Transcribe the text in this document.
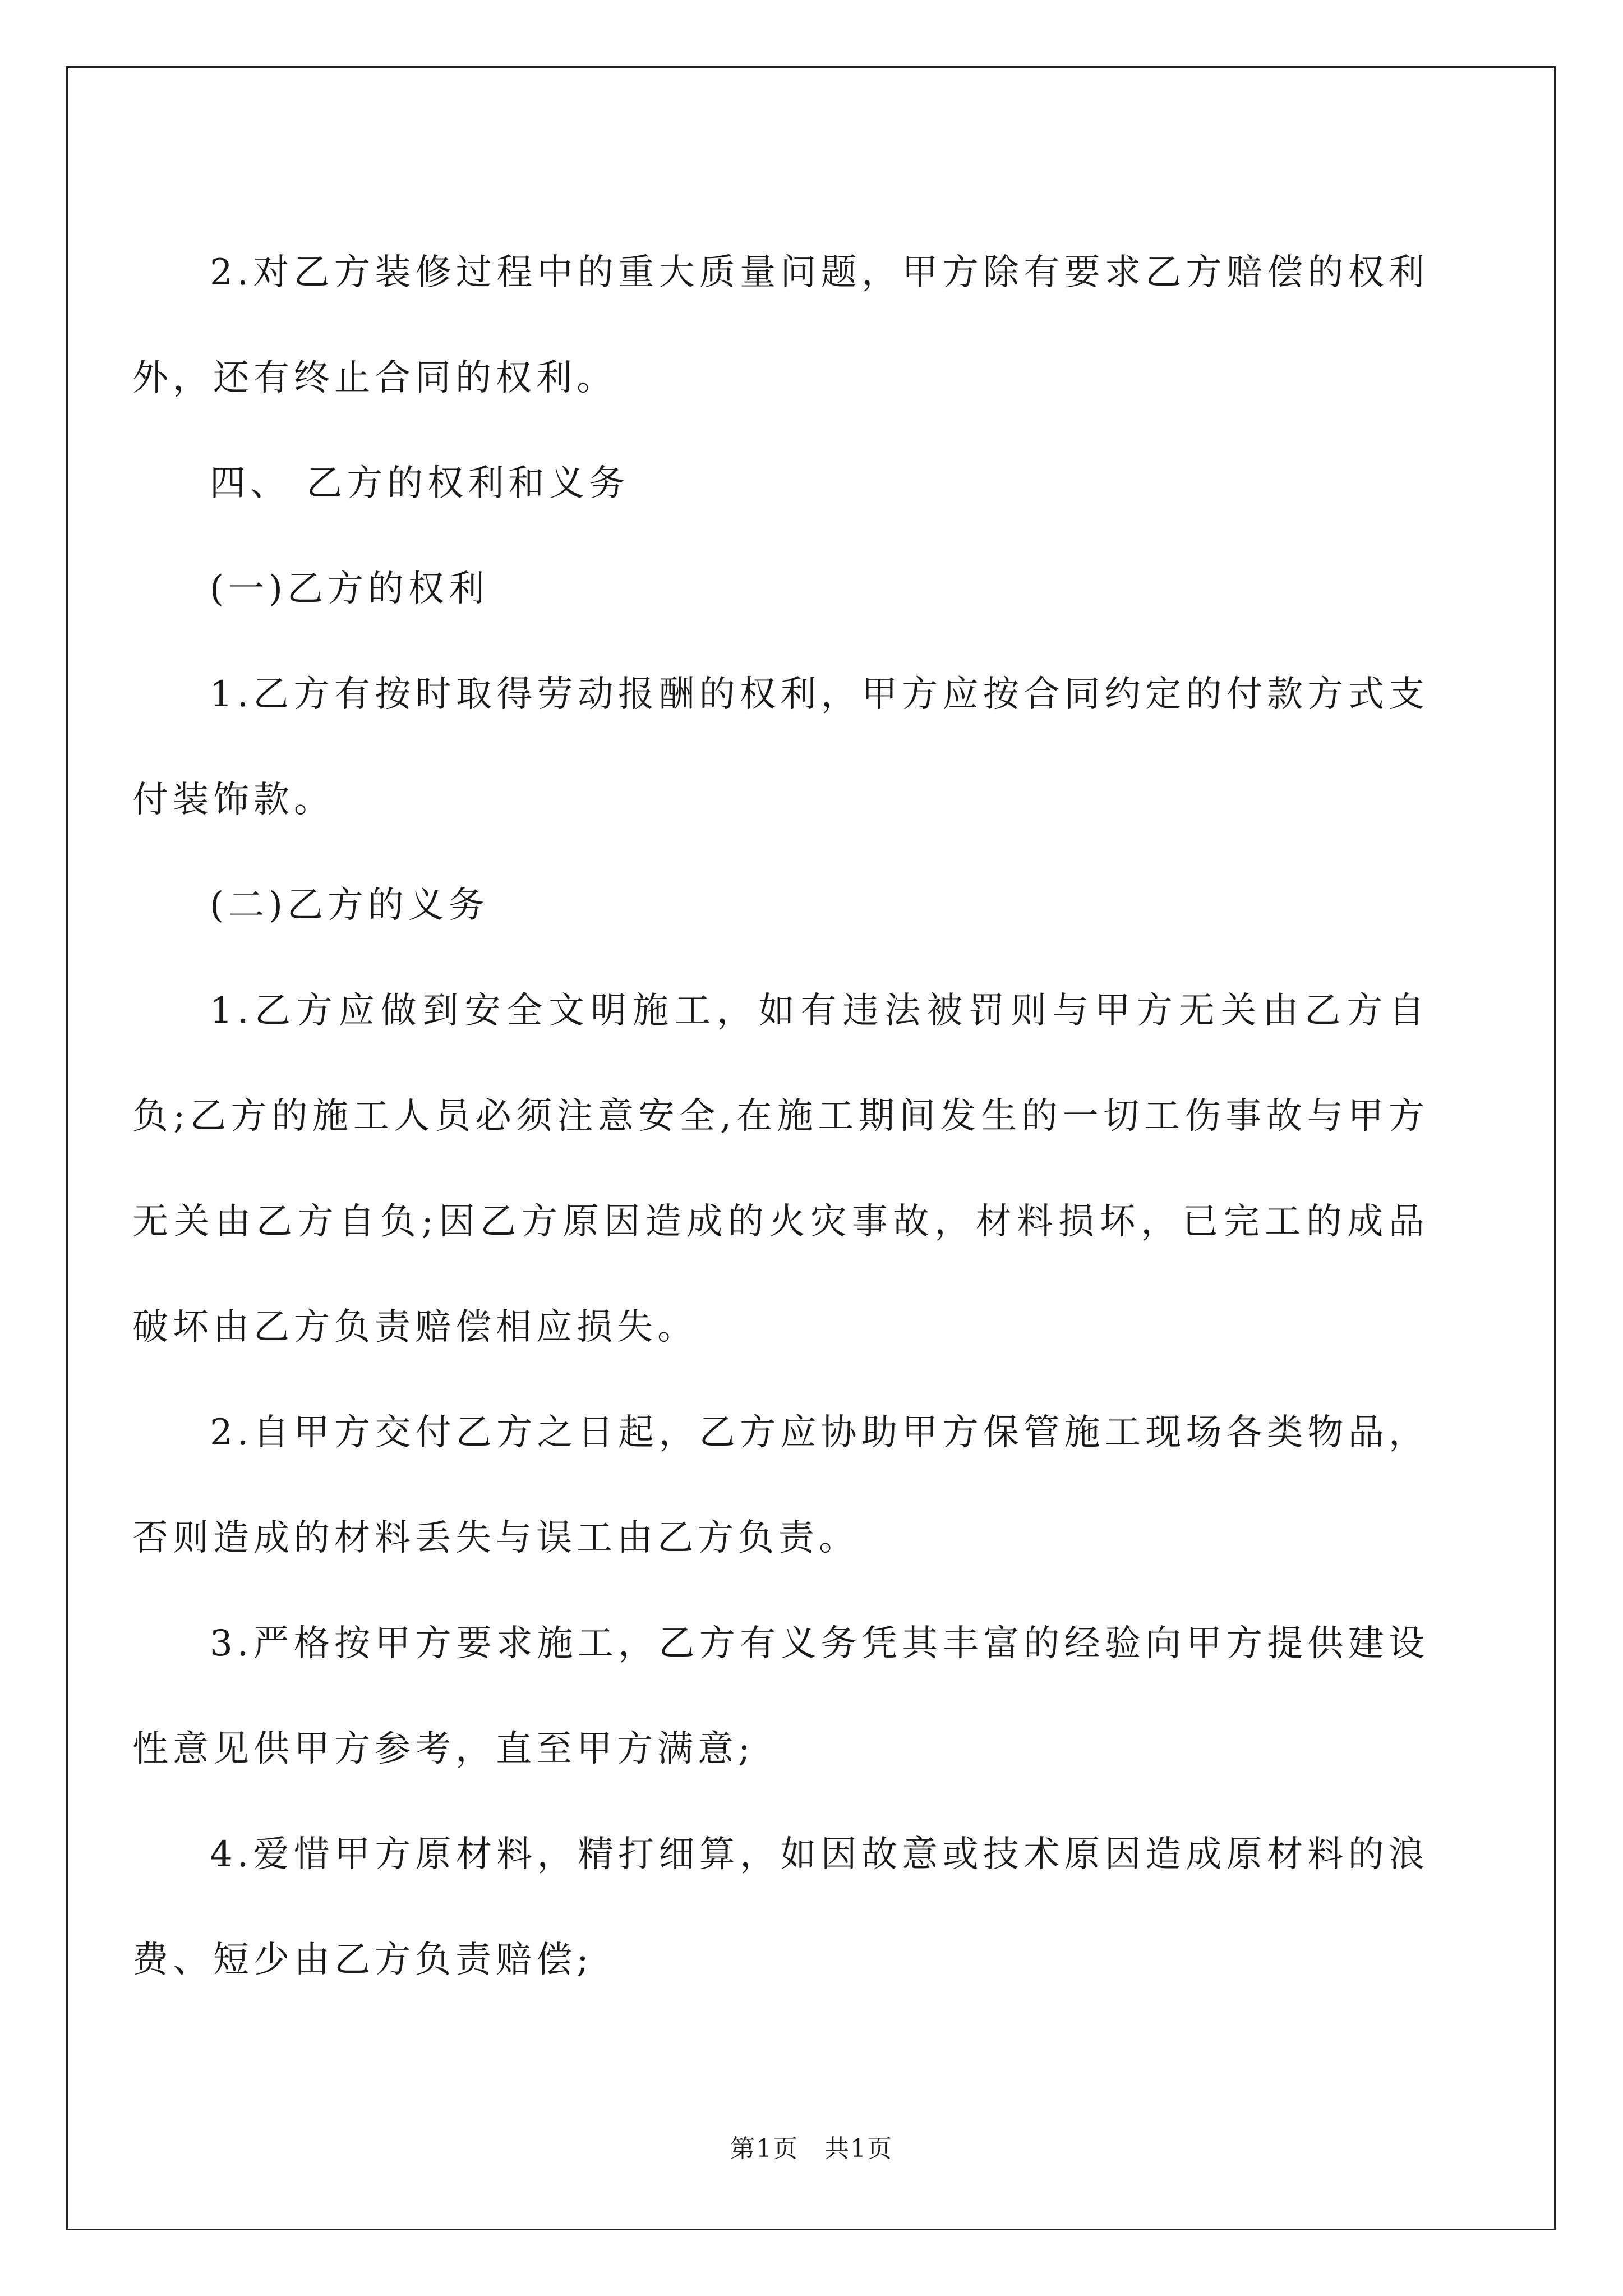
2.对乙方装修过程中的重大质量问题，甲方除有要求乙方赔偿的权利外，还有终止合同的权利。

四、 乙方的权利和义务

(一)乙方的权利

1.乙方有按时取得劳动报酬的权利，甲方应按合同约定的付款方式支付装饰款。

(二)乙方的义务

1.乙方应做到安全文明施工，如有违法被罚则与甲方无关由乙方自负;乙方的施工人员必须注意安全,在施工期间发生的一切工伤事故与甲方无关由乙方自负;因乙方原因造成的火灾事故，材料损坏，已完工的成品破坏由乙方负责赔偿相应损失。

2.自甲方交付乙方之日起，乙方应协助甲方保管施工现场各类物品，否则造成的材料丢失与误工由乙方负责。

3.严格按甲方要求施工，乙方有义务凭其丰富的经验向甲方提供建设性意见供甲方参考，直至甲方满意;

4.爱惜甲方原材料，精打细算，如因故意或技术原因造成原材料的浪费、短少由乙方负责赔偿;

第1页　共1页
